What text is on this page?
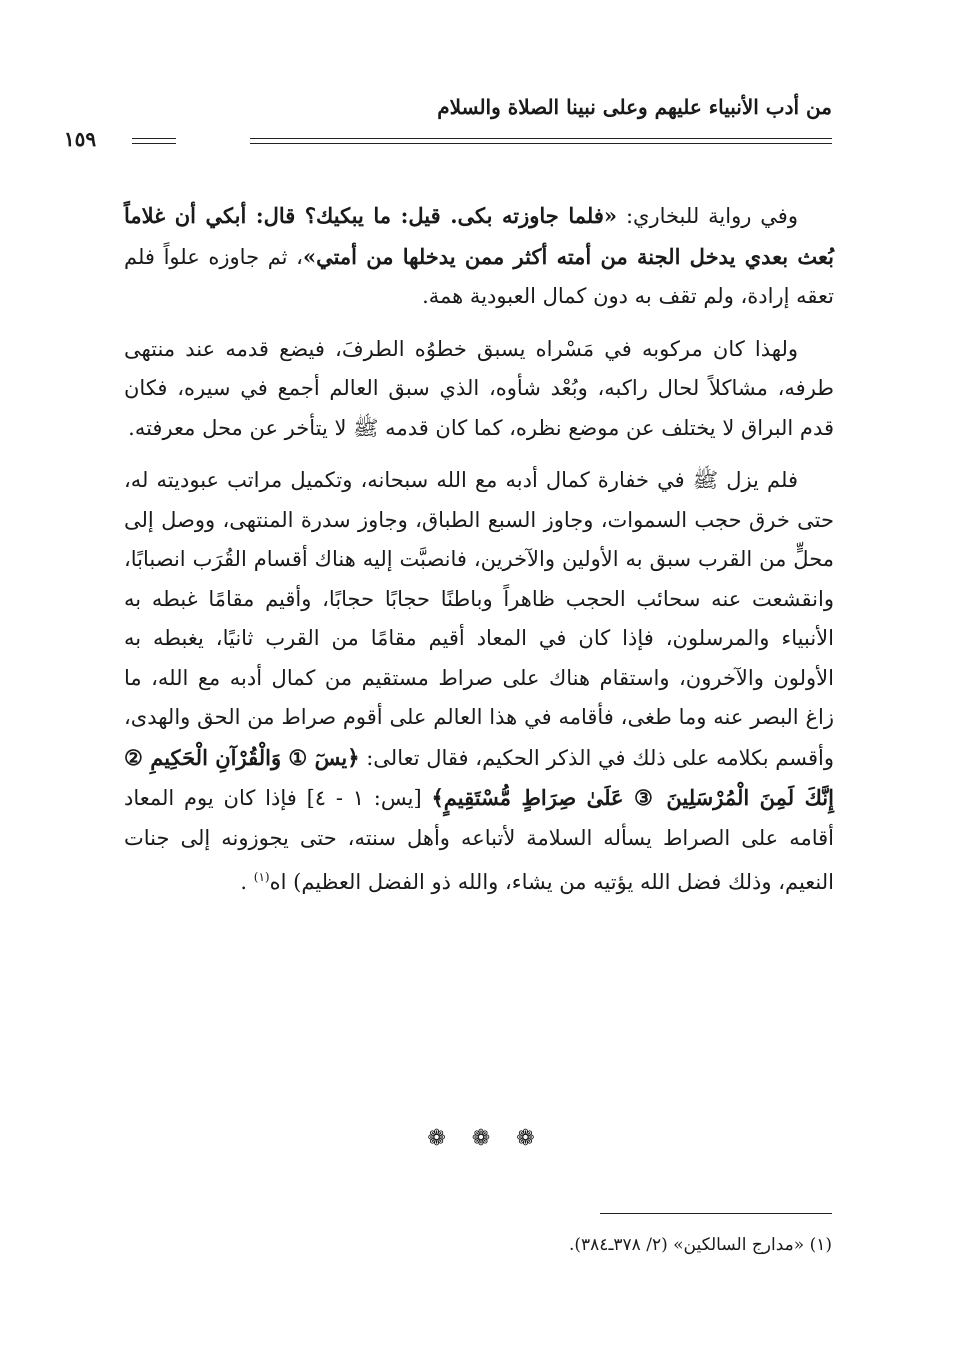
من أدب الأنبياء عليهم وعلى نبينا الصلاة والسلام
١٥٩

وفي رواية للبخاري: «فلما جاوزته بكى. قيل: ما يبكيك؟ قال: أبكي أن غلاماً بُعث بعدي يدخل الجنة من أمته أكثر ممن يدخلها من أمتي»، ثم جاوزه علواً فلم تعقه إرادة، ولم تقف به دون كمال العبودية همة.

ولهذا كان مركوبه في مَسْراه يسبق خطوُه الطرفَ، فيضع قدمه عند منتهى طرفه، مشاكلاً لحال راكبه، وبُعْد شأوه، الذي سبق العالم أجمع في سيره، فكان قدم البراق لا يختلف عن موضع نظره، كما كان قدمه ﷺ لا يتأخر عن محل معرفته.

فلم يزل ﷺ في خفارة كمال أدبه مع الله سبحانه، وتكميل مراتب عبوديته له، حتى خرق حجب السموات، وجاوز السبع الطباق، وجاوز سدرة المنتهى، ووصل إلى محلٍّ من القرب سبق به الأولين والآخرين، فانصبَّت إليه هناك أقسام القُرَب انصبابًا، وانقشعت عنه سحائب الحجب ظاهراً وباطنًا حجابًا حجابًا، وأقيم مقامًا غبطه به الأنبياء والمرسلون، فإذا كان في المعاد أقيم مقامًا من القرب ثانيًا، يغبطه به الأولون والآخرون، واستقام هناك على صراط مستقيم من كمال أدبه مع الله، ما زاغ البصر عنه وما طغى، فأقامه في هذا العالم على أقوم صراط من الحق والهدى، وأقسم بكلامه على ذلك في الذكر الحكيم، فقال تعالى: ﴿يسٓ ① وَالْقُرْآنِ الْحَكِيمِ ② إِنَّكَ لَمِنَ الْمُرْسَلِينَ ③ عَلَىٰ صِرَاطٍ مُّسْتَقِيمٍ﴾ [يس: ١ - ٤] فإذا كان يوم المعاد أقامه على الصراط يسأله السلامة لأتباعه وأهل سنته، حتى يجوزونه إلى جنات النعيم، وذلك فضل الله يؤتيه من يشاء، والله ذو الفضل العظيم) اه$^{(١)}$ .

❁ ❁ ❁
(١) «مدارج السالكين» (٢/ ٣٧٨ـ٣٨٤).
